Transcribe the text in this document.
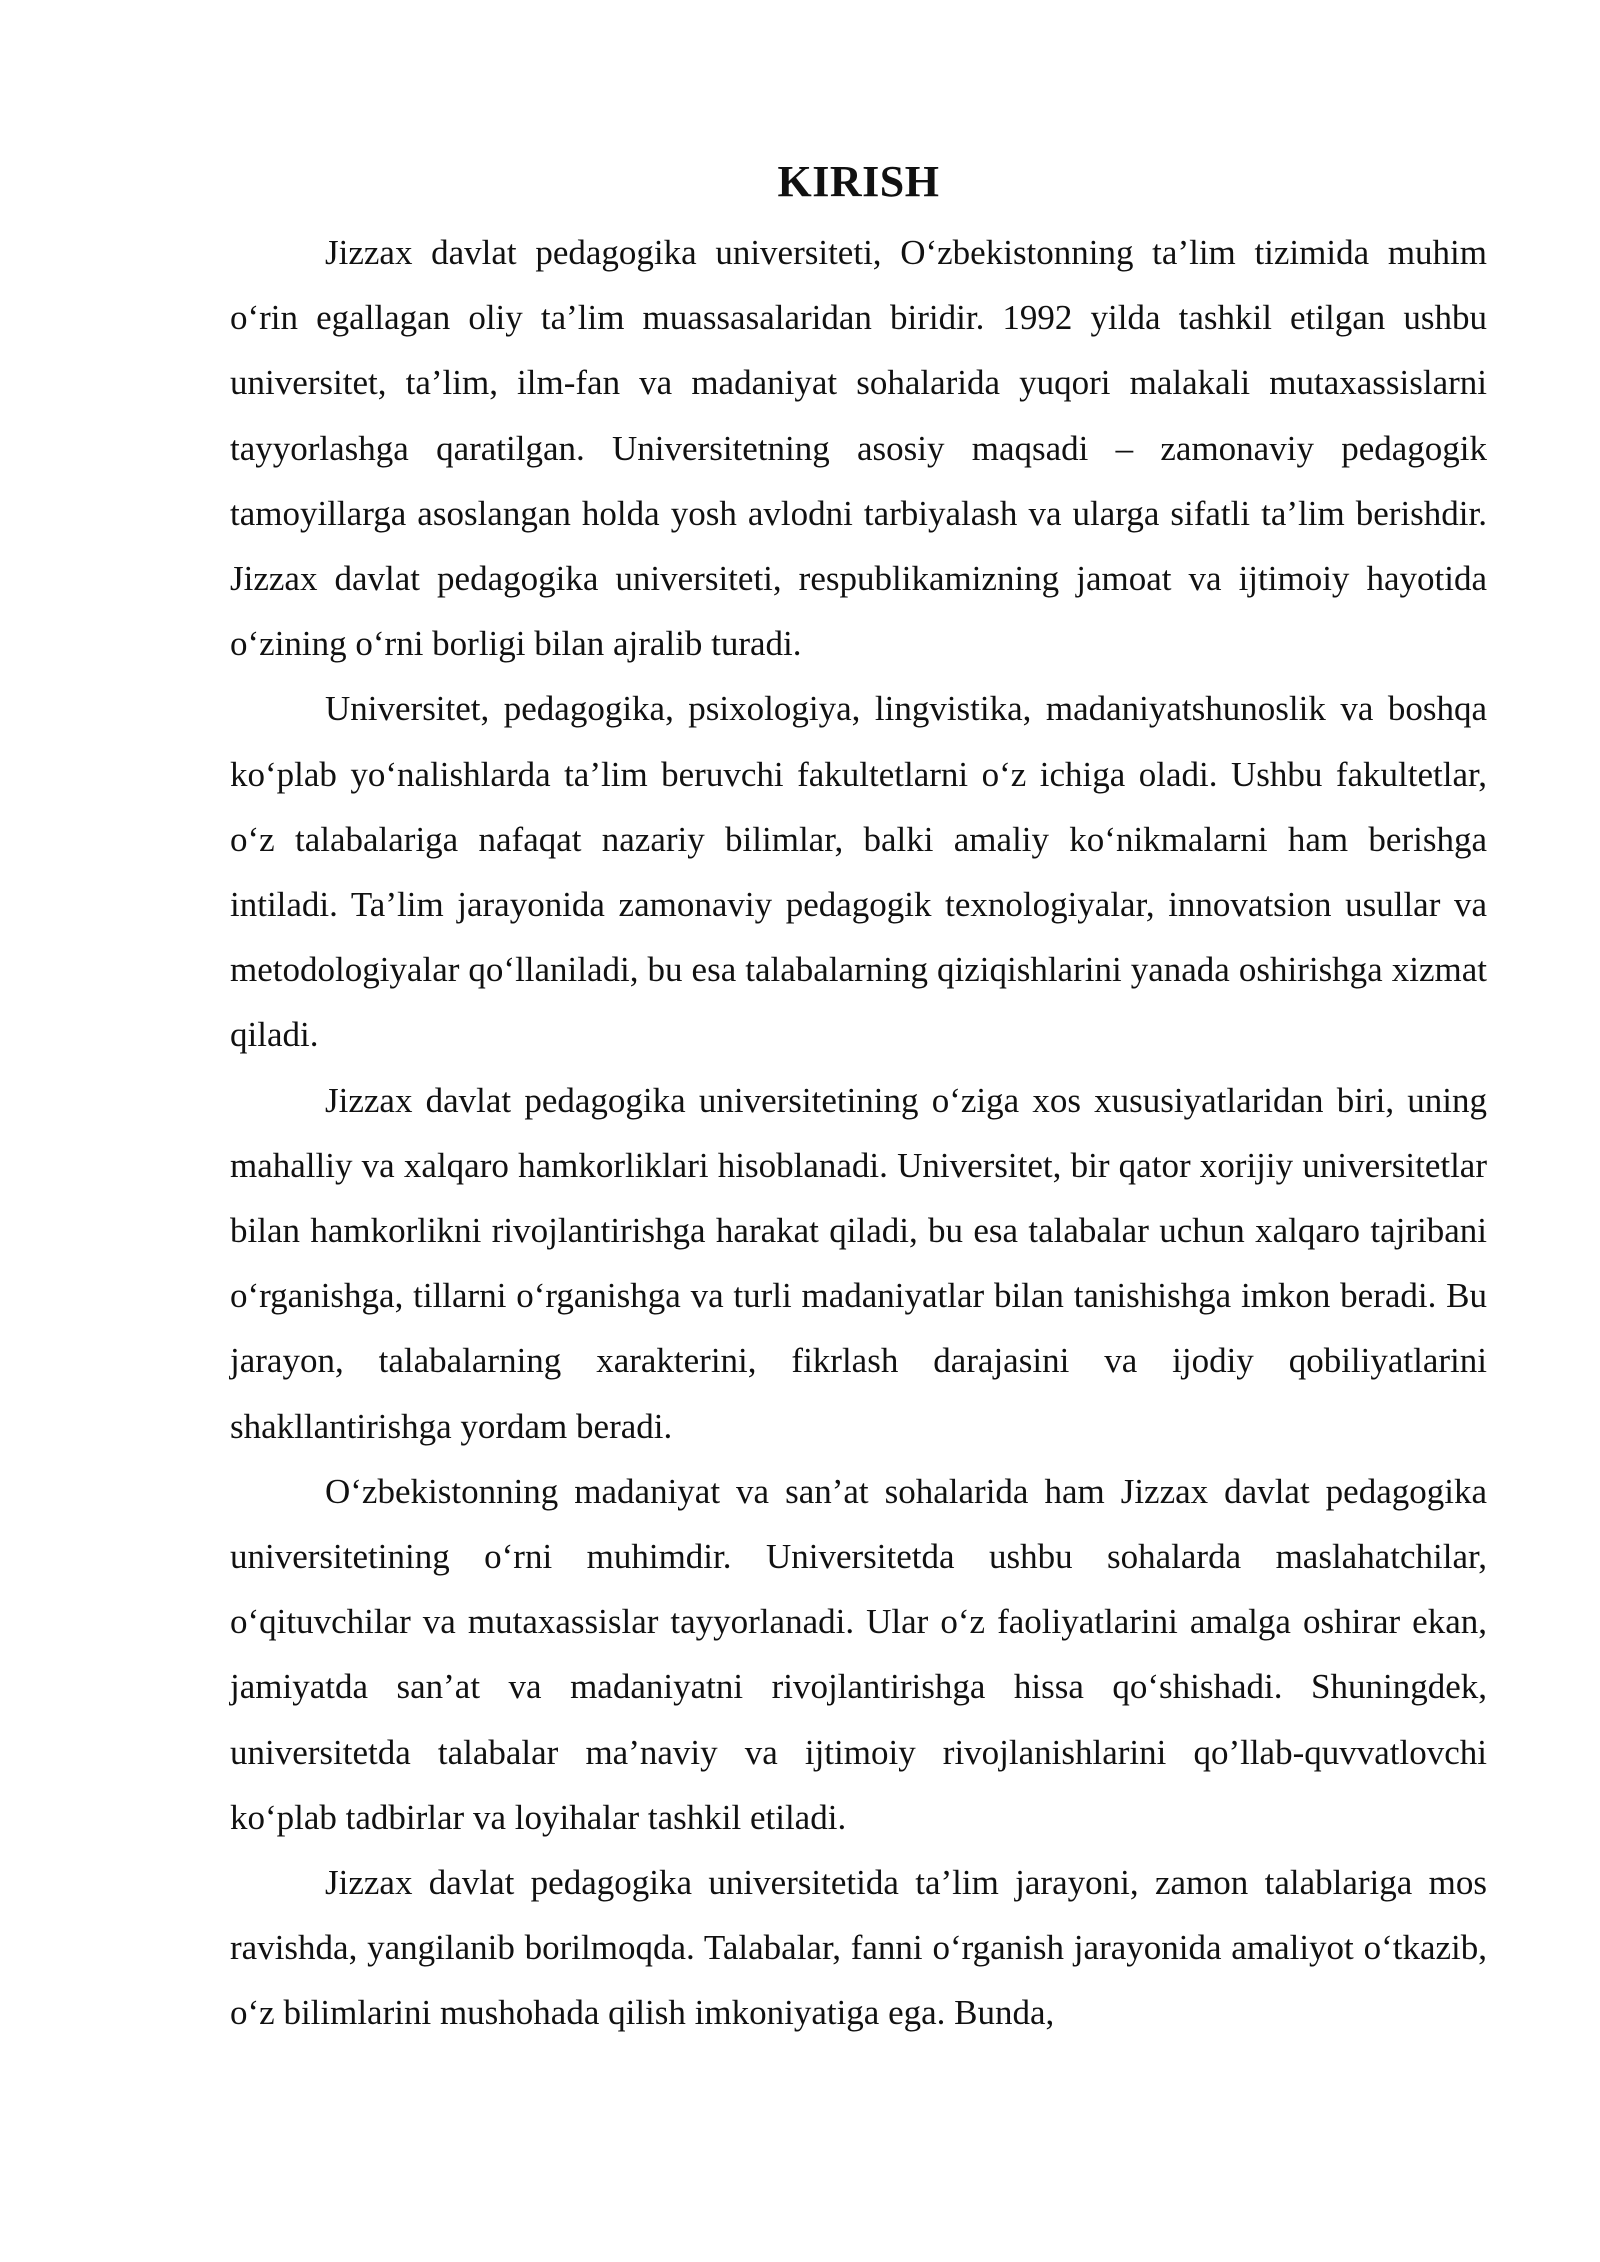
KIRISH

Jizzax davlat pedagogika universiteti, O‘zbekistonning ta’lim tizimida muhim o‘rin egallagan oliy ta’lim muassasalaridan biridir. 1992 yilda tashkil etilgan ushbu universitet, ta’lim, ilm-fan va madaniyat sohalarida yuqori malakali mutaxassislarni tayyorlashga qaratilgan. Universitetning asosiy maqsadi – zamonaviy pedagogik tamoyillarga asoslangan holda yosh avlodni tarbiyalash va ularga sifatli ta’lim berishdir. Jizzax davlat pedagogika universiteti, respublikamizning jamoat va ijtimoiy hayotida o‘zining o‘rni borligi bilan ajralib turadi.

Universitet, pedagogika, psixologiya, lingvistika, madaniyatshunoslik va boshqa ko‘plab yo‘nalishlarda ta’lim beruvchi fakultetlarni o‘z ichiga oladi. Ushbu fakultetlar, o‘z talabalariga nafaqat nazariy bilimlar, balki amaliy ko‘nikmalarni ham berishga intiladi. Ta’lim jarayonida zamonaviy pedagogik texnologiyalar, innovatsion usullar va metodologiyalar qo‘llaniladi, bu esa talabalarning qiziqishlarini yanada oshirishga xizmat qiladi.

Jizzax davlat pedagogika universitetining o‘ziga xos xususiyatlaridan biri, uning mahalliy va xalqaro hamkorliklari hisoblanadi. Universitet, bir qator xorijiy universitetlar bilan hamkorlikni rivojlantirishga harakat qiladi, bu esa talabalar uchun xalqaro tajribani o‘rganishga, tillarni o‘rganishga va turli madaniyatlar bilan tanishishga imkon beradi. Bu jarayon, talabalarning xarakterini, fikrlash darajasini va ijodiy qobiliyatlarini shakllantirishga yordam beradi.

O‘zbekistonning madaniyat va san’at sohalarida ham Jizzax davlat pedagogika universitetining o‘rni muhimdir. Universitetda ushbu sohalarda maslahatchilar, o‘qituvchilar va mutaxassislar tayyorlanadi. Ular o‘z faoliyatlarini amalga oshirar ekan, jamiyatda san’at va madaniyatni rivojlantirishga hissa qo‘shishadi. Shuningdek, universitetda talabalar ma’naviy va ijtimoiy rivojlanishlarini qo’llab-quvvatlovchi ko‘plab tadbirlar va loyihalar tashkil etiladi.

Jizzax davlat pedagogika universitetida ta’lim jarayoni, zamon talablariga mos ravishda, yangilanib borilmoqda. Talabalar, fanni o‘rganish jarayonida amaliyot o‘tkazib, o‘z bilimlarini mushohada qilish imkoniyatiga ega. Bunda,
